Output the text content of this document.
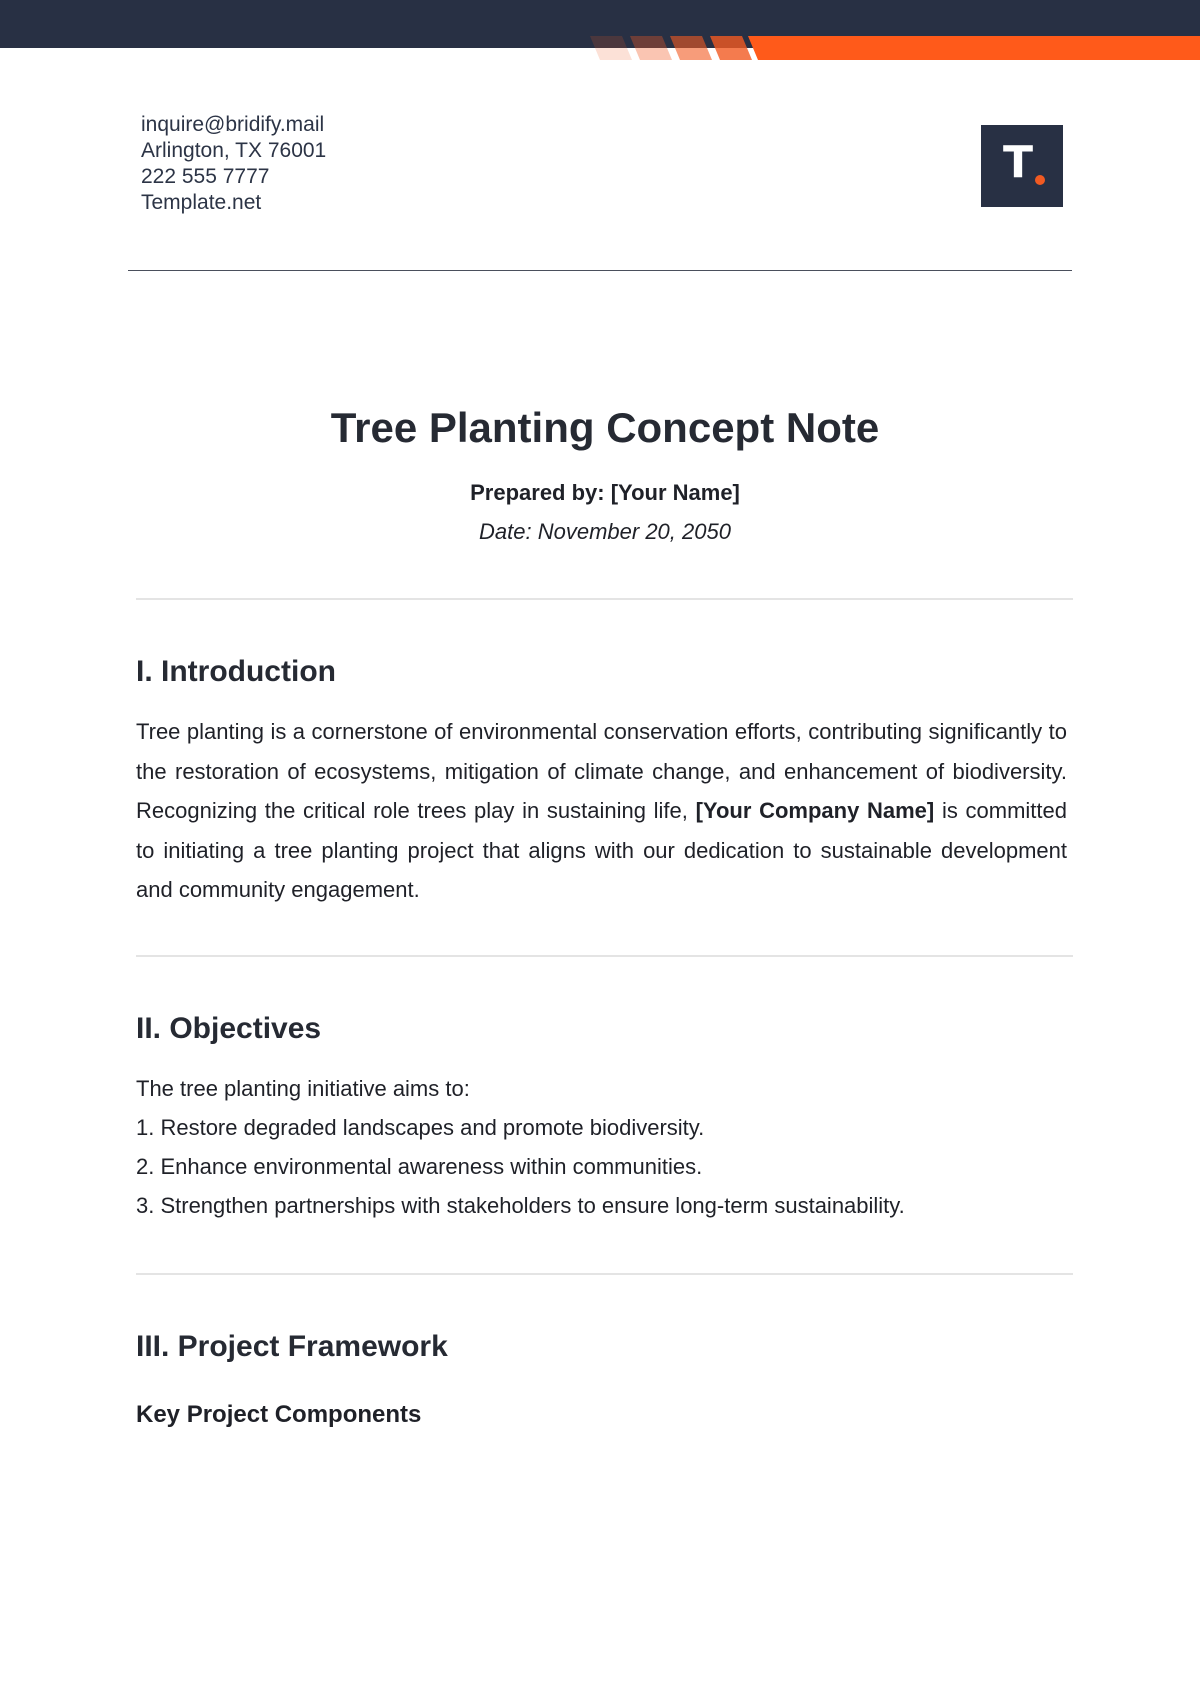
inquire@bridify.mail
Arlington, TX 76001
222 555 7777
Template.net
T
Tree Planting Concept Note
Prepared by: [Your Name]
Date: November 20, 2050
I. Introduction

Tree planting is a cornerstone of environmental conservation efforts, contributing significantly to the restoration of ecosystems, mitigation of climate change, and enhancement of biodiversity. Recognizing the critical role trees play in sustaining life, [Your Company Name] is committed to initiating a tree planting project that aligns with our dedication to sustainable development and community engagement.

II. Objectives
The tree planting initiative aims to:
1. Restore degraded landscapes and promote biodiversity.
2. Enhance environmental awareness within communities.
3. Strengthen partnerships with stakeholders to ensure long-term sustainability.
III. Project Framework
Key Project Components
